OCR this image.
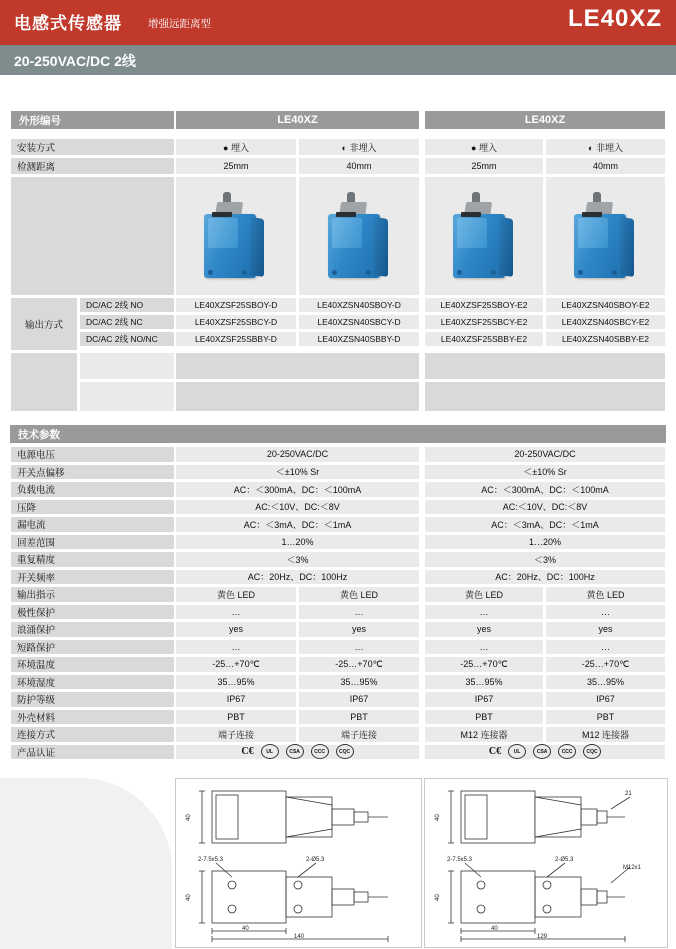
电感式传感器 增强远距离型	LE40XZ
20-250VAC/DC 2线
外形编号	LE40XZ	LE40XZ
安装方式	● 埋入	◐ 非埋入	● 埋入	◐ 非埋入
检测距离	25mm	40mm	25mm	40mm
输出方式
DC/AC 2线 NO	LE40XZSF25SBOY-D	LE40XZSN40SBOY-D	LE40XZSF25SBOY-E2	LE40XZSN40SBOY-E2
DC/AC 2线 NC	LE40XZSF25SBCY-D	LE40XZSN40SBCY-D	LE40XZSF25SBCY-E2	LE40XZSN40SBCY-E2
DC/AC 2线 NO/NC	LE40XZSF25SBBY-D	LE40XZSN40SBBY-D	LE40XZSF25SBBY-E2	LE40XZSN40SBBY-E2
技术参数
电源电压	20-250VAC/DC	20-250VAC/DC
开关点偏移	＜±10% Sr	＜±10% Sr
负载电流	AC：＜300mA、DC：＜100mA	AC：＜300mA、DC：＜100mA
压降	AC:＜10V、DC:＜8V	AC:＜10V、DC:＜8V
漏电流	AC：＜3mA、DC：＜1mA	AC：＜3mA、DC：＜1mA
回差范围	1…20%	1…20%
重复精度	＜3%	＜3%
开关频率	AC：20Hz、DC：100Hz	AC：20Hz、DC：100Hz
输出指示	黄色 LED	黄色 LED	黄色 LED	黄色 LED
极性保护	…	…	…	…
浪涌保护	yes	yes	yes	yes
短路保护	…	…	…	…
环境温度	-25…+70℃	-25…+70℃	-25…+70℃	-25…+70℃
环境湿度	35…95%	35…95%	35…95%	35…95%
防护等级	IP67	IP67	IP67	IP67
外壳材料	PBT	PBT	PBT	PBT
连接方式	端子连接	端子连接	M12 连接器	M12 连接器
产品认证	C€	UL	CSA	CCC	CQC	C€	UL	CSA	CCC	CQC
40
40
2-7.5x5.3	2-Ø5.3
40
140
40
40
2-7.5x5.3	2-Ø5.3
40
129
21
M12x1
